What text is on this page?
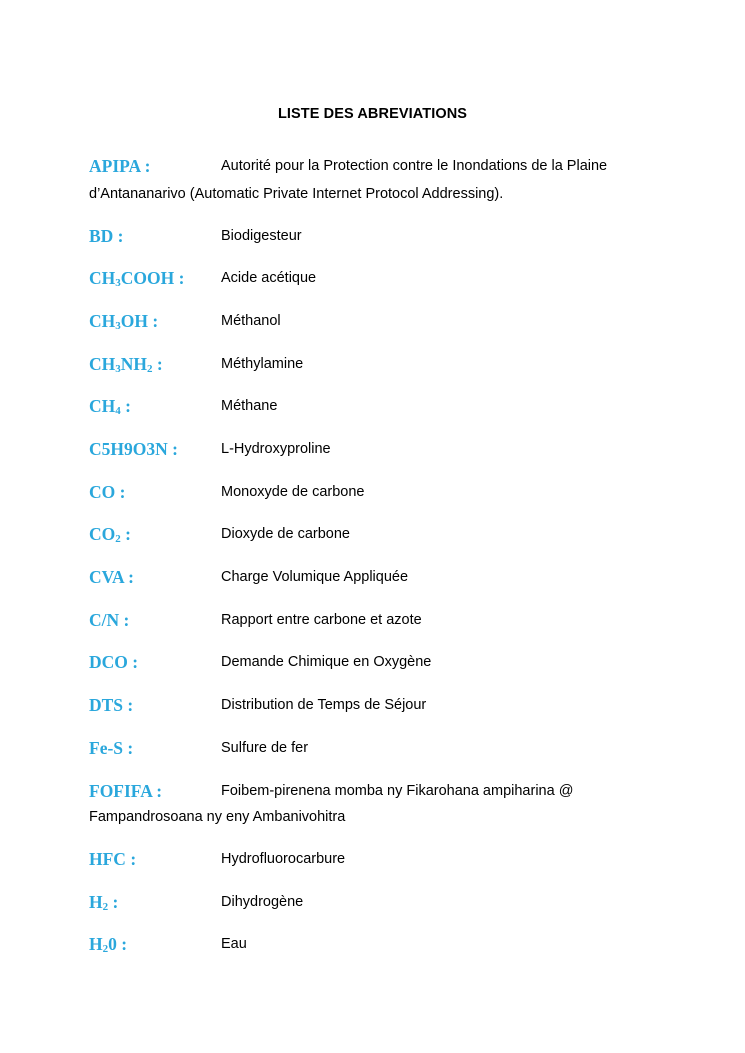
LISTE DES ABREVIATIONS
APIPA :	Autorité pour la Protection contre le Inondations de la Plaine
d’Antananarivo (Automatic Private Internet Protocol Addressing).
BD :	Biodigesteur
$CH_3COOH$ :	Acide acétique
$CH_3OH$ :	Méthanol
$CH_3NH_2$ :	Méthylamine
$CH_4$ :	Méthane
C5H9O3N :	L-Hydroxyproline
CO :	Monoxyde de carbone
$CO_2$ :	Dioxyde de carbone
CVA :	Charge Volumique Appliquée
C/N :	Rapport entre carbone et azote
DCO :	Demande Chimique en Oxygène
DTS :	Distribution de Temps de Séjour
Fe-S :	Sulfure de fer
FOFIFA :	Foibem-pirenena momba ny Fikarohana ampiharina @
Fampandrosoana ny eny Ambanivohitra
HFC :	Hydrofluorocarbure
$H_2$ :	Dihydrogène
$H_20$ :	Eau
